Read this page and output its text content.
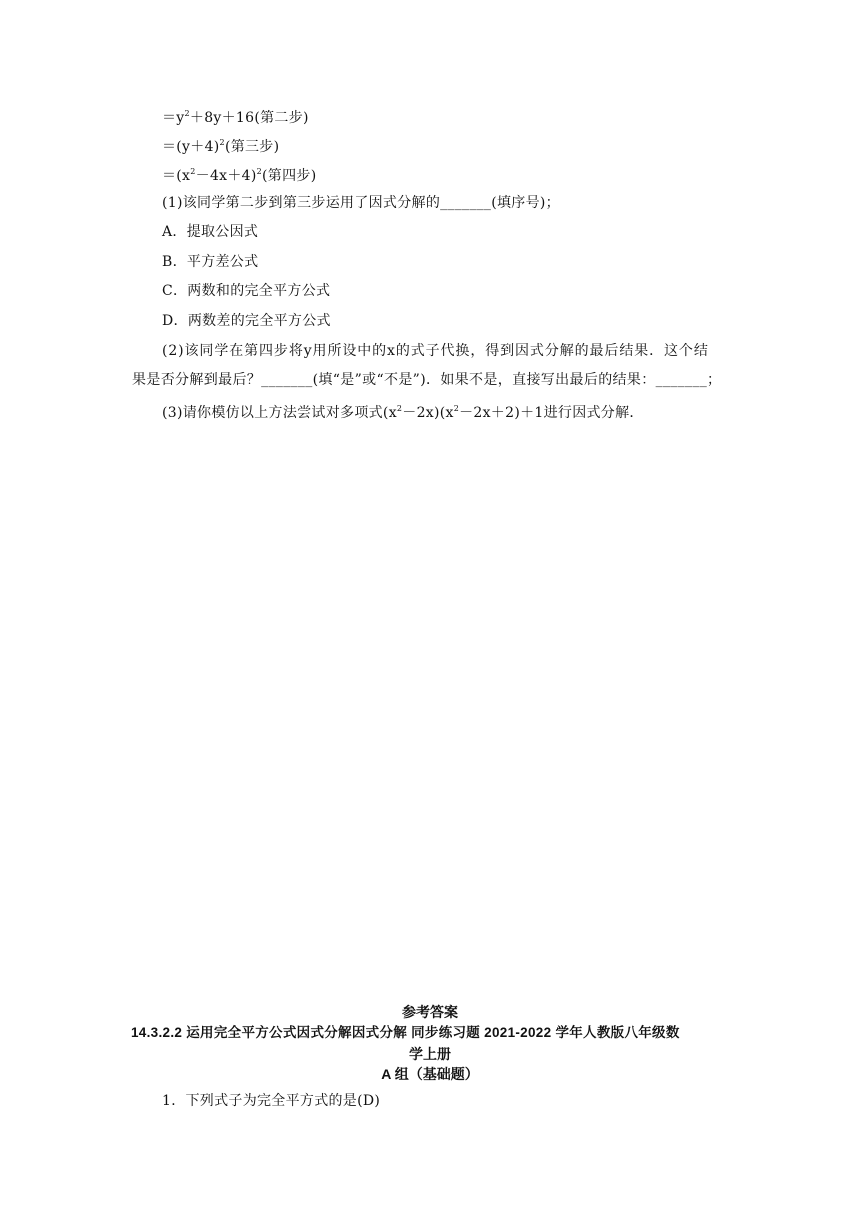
$=y^2+8y+16$(第二步)
$=(y+4)^2$(第三步)
$=(x^2-4x+4)^2$(第四步)
(1)该同学第二步到第三步运用了因式分解的_______(填序号)；
A．提取公因式
B．平方差公式
C．两数和的完全平方公式
D．两数差的完全平方公式
(2)该同学在第四步将y用所设中的x的式子代换，得到因式分解的最后结果．这个结
果是否分解到最后？_______(填“是”或“不是”)．如果不是，直接写出最后的结果：_______；
(3)请你模仿以上方法尝试对多项式$(x^2-2x)(x^2-2x+2)+1$进行因式分解．
参考答案
14.3.2.2 运用完全平方公式因式分解因式分解 同步练习题 2021-2022 学年人教版八年级数
学上册
A 组（基础题）
1．下列式子为完全平方式的是(D)
